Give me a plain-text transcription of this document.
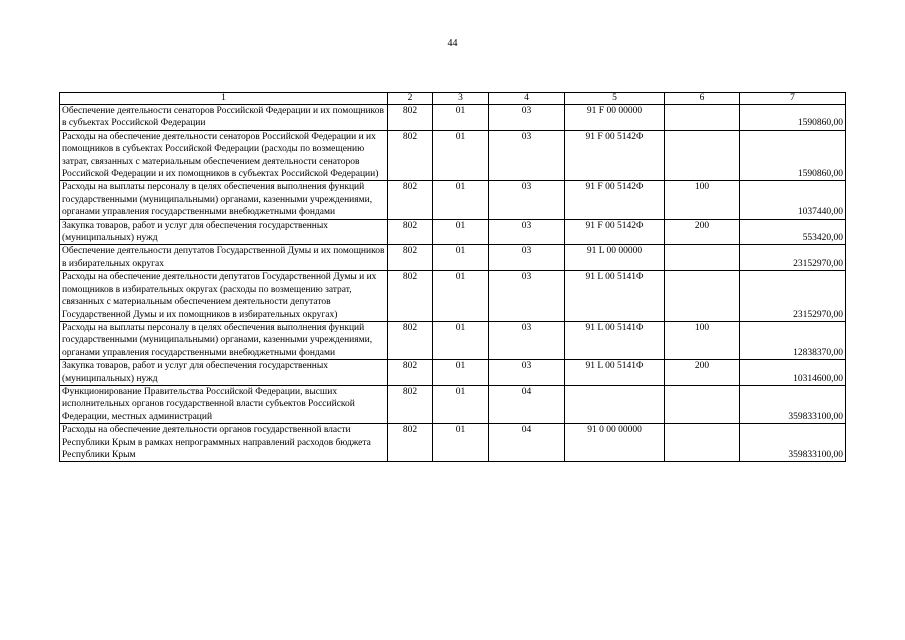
44
1	2	3	4	5	6	7
Обеспечение деятельности сенаторов Российской Федерации и их помощников в субъектах Российской Федерации	802	01	03	91 F 00 00000		1590860,00
Расходы на обеспечение деятельности сенаторов Российской Федерации и их помощников в субъектах Российской Федерации (расходы по возмещению затрат, связанных с материальным обеспечением деятельности сенаторов Российской Федерации и их помощников в субъектах Российской Федерации)	802	01	03	91 F 00 5142Ф		1590860,00
Расходы на выплаты персоналу в целях обеспечения выполнения функций государственными (муниципальными) органами, казенными учреждениями, органами управления государственными внебюджетными фондами	802	01	03	91 F 00 5142Ф	100	1037440,00
Закупка товаров, работ и услуг для обеспечения государственных (муниципальных) нужд	802	01	03	91 F 00 5142Ф	200	553420,00
Обеспечение деятельности депутатов Государственной Думы и их помощников в избирательных округах	802	01	03	91 L 00 00000		23152970,00
Расходы на обеспечение деятельности депутатов Государственной Думы и их помощников в избирательных округах (расходы по возмещению затрат, связанных с материальным обеспечением деятельности депутатов Государственной Думы и их помощников в избирательных округах)	802	01	03	91 L 00 5141Ф		23152970,00
Расходы на выплаты персоналу в целях обеспечения выполнения функций государственными (муниципальными) органами, казенными учреждениями, органами управления государственными внебюджетными фондами	802	01	03	91 L 00 5141Ф	100	12838370,00
Закупка товаров, работ и услуг для обеспечения государственных (муниципальных) нужд	802	01	03	91 L 00 5141Ф	200	10314600,00
Функционирование Правительства Российской Федерации, высших исполнительных органов государственной власти субъектов Российской Федерации, местных администраций	802	01	04			359833100,00
Расходы на обеспечение деятельности органов государственной власти Республики Крым в рамках непрограммных направлений расходов бюджета Республики Крым	802	01	04	91 0 00 00000		359833100,00
